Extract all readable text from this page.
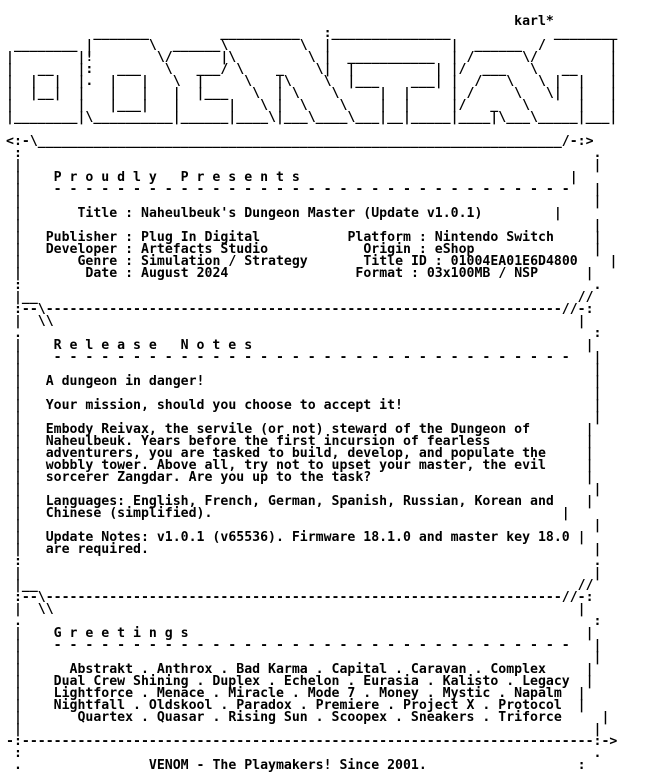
karl*
_______         __________   :_______________             ________
________ |       \  ______\         \  |               |  ______  /        |
|        |!        \/      |\         \ |  ___________  | /      \/         |
|   __   |:   ___   \   ___/ \    _    \|  |          | |/  ___   \   __    |
|  |  |  |.  |   |   \  |     \   |\    \  |___    ___| |  /   \   \ |  |   |
|  |__|  |   |   |   |  |___   \  | \    \     |  |     | /     \   \|  |   |
|        |   |___|   |      |   \ |  \    \    |  |     |/   _   \      |   |
|________|\__________|______|____\|___\____\___|__|_____|____|\___\_____|___|

<:-\__________________________________________________________________/-:>
:                                                                        .
|                                                                        |
|    P r o u d l y   P r e s e n t s                                  |
|    - - - - - - - - - - - - - - - - - - - - - - - - - - - - - - - - -   |
|                                                                        |
|       Title : Naheulbeuk's Dungeon Master (Update v1.0.1)         |
|                                                                        |
|   Publisher : Plug In Digital	Platform : Nintendo Switch     |
|   Developer : Artefacts Studio	Origin : eShop               |
|       Genre : Simulation / Strategy	Title ID : 01004EA01E6D4800    |
|        Date : August 2024	Format : 03x100MB / NSP      |
:                                                                        .
|__                                                                    //
:--\-----------------------------------------------------------------//-:
|  \\                                                                  |
.                                                                        :
|    R e l e a s e   N o t e s                                          |
|    - - - - - - - - - - - - - - - - - - - - - - - - - - - - - - - - -   |
|                                                                        |
|   A dungeon in danger!                                                 |
|                                                                        |
|   Your mission, should you choose to accept it!                        |
|                                                                        |
|   Embody Reivax, the servile (or not) steward of the Dungeon of       |
|   Naheulbeuk. Years before the first incursion of fearless            |
|   adventurers, you are tasked to build, develop, and populate the     |
|   wobbly tower. Above all, try not to upset your master, the evil     |
|   sorcerer Zangdar. Are you up to the task?                           |
|                                                                        |
|   Languages: English, French, German, Spanish, Russian, Korean and    |
|   Chinese (simplified).                                            |
|                                                                        |
|   Update Notes: v1.0.1 (v65536). Firmware 18.1.0 and master key 18.0 |
|   are required.                                                        |
:                                                                        .
|                                                                        |
|__                                                                    //
:--\-----------------------------------------------------------------//-:
|  \\                                                                  |
.                                                                        :
|    G r e e t i n g s                                                  |
|    - - - - - - - - - - - - - - - - - - - - - - - - - - - - - - - - -   |
|                                                                        |
|      Abstrakt . Anthrox . Bad Karma . Capital . Caravan . Complex     |
|    Dual Crew Shining . Duplex . Echelon . Eurasia . Kalisto . Legacy  |
|    Lightforce . Menace . Miracle . Mode 7 . Money . Mystic . Napalm  |
|    Nightfall . Oldskool . Paradox . Premiere . Project X . Protocol  |
|       Quartex . Quasar . Rising Sun . Scoopex . Sneakers . Triforce     |
|                                                                        |
-:------------------------------------------------------------------------:->
:                                                                        .
.                VENOM - The Playmakers! Since 2001.                   :
